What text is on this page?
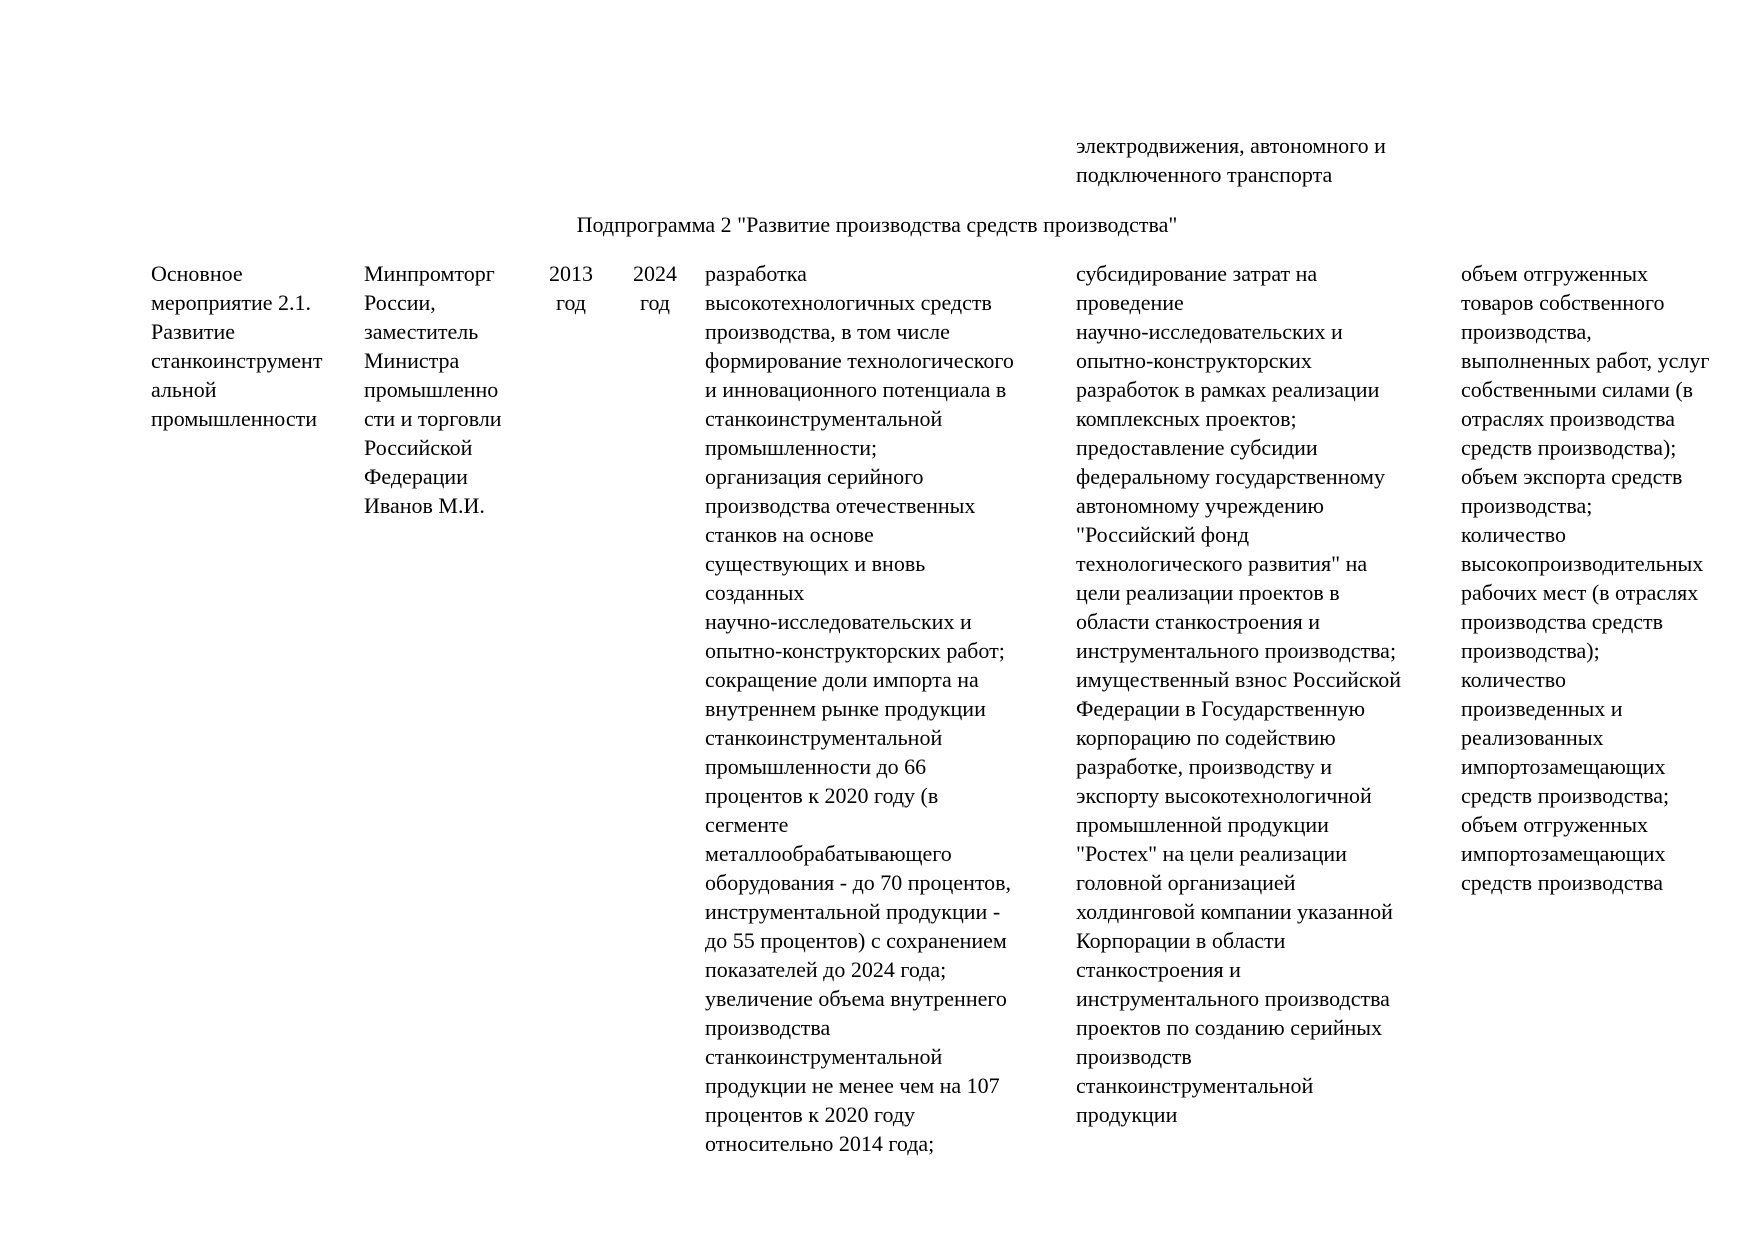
электродвижения, автономного и
подключенного транспорта
Подпрограмма 2 "Развитие производства средств производства"
Основное
мероприятие 2.1.
Развитие
станкоинструмент
альной
промышленности
Минпромторг
России,
заместитель
Министра
промышленно
сти и торговли
Российской
Федерации
Иванов М.И.
2013
год
2024
год
разработка
высокотехнологичных средств
производства, в том числе
формирование технологического
и инновационного потенциала в
станкоинструментальной
промышленности;
организация серийного
производства отечественных
станков на основе
существующих и вновь
созданных
научно-исследовательских и
опытно-конструкторских работ;
сокращение доли импорта на
внутреннем рынке продукции
станкоинструментальной
промышленности до 66
процентов к 2020 году (в
сегменте
металлообрабатывающего
оборудования - до 70 процентов,
инструментальной продукции -
до 55 процентов) с сохранением
показателей до 2024 года;
увеличение объема внутреннего
производства
станкоинструментальной
продукции не менее чем на 107
процентов к 2020 году
относительно 2014 года;
субсидирование затрат на
проведение
научно-исследовательских и
опытно-конструкторских
разработок в рамках реализации
комплексных проектов;
предоставление субсидии
федеральному государственному
автономному учреждению
"Российский фонд
технологического развития" на
цели реализации проектов в
области станкостроения и
инструментального производства;
имущественный взнос Российской
Федерации в Государственную
корпорацию по содействию
разработке, производству и
экспорту высокотехнологичной
промышленной продукции
"Ростех" на цели реализации
головной организацией
холдинговой компании указанной
Корпорации в области
станкостроения и
инструментального производства
проектов по созданию серийных
производств
станкоинструментальной
продукции
объем отгруженных
товаров собственного
производства,
выполненных работ, услуг
собственными силами (в
отраслях производства
средств производства);
объем экспорта средств
производства;
количество
высокопроизводительных
рабочих мест (в отраслях
производства средств
производства);
количество
произведенных и
реализованных
импортозамещающих
средств производства;
объем отгруженных
импортозамещающих
средств производства
